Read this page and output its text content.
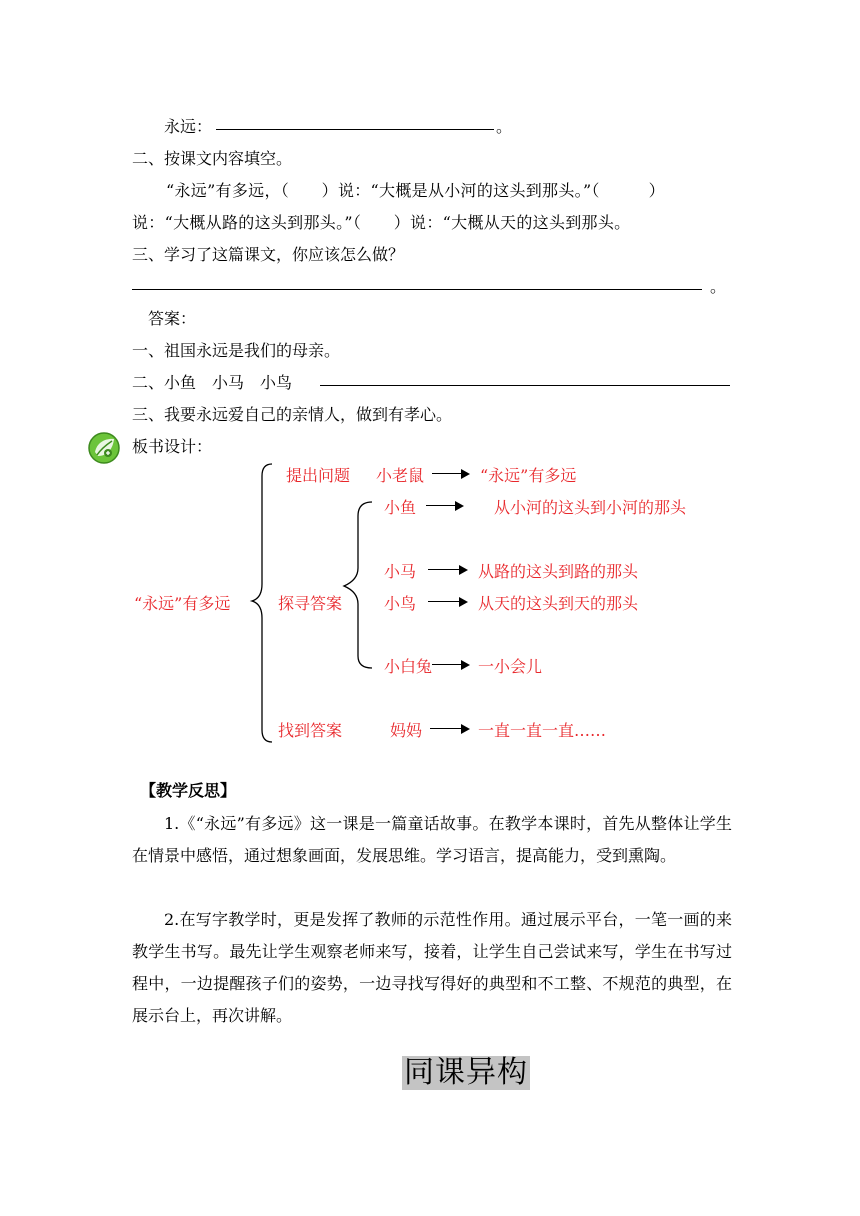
永远：	。
二、按课文内容填空。
“永远”有多远，（　　）说：“大概是从小河的这头到那头。”（　　　）
说：“大概从路的这头到那头。”（　　）说：“大概从天的这头到那头。
三、学习了这篇课文，你应该怎么做？
。
答案：
一、祖国永远是我们的母亲。
二、小鱼　小马　小鸟
三、我要永远爱自己的亲情人，做到有孝心。
板书设计：
“永远”有多远
提出问题 小老鼠	“永远”有多远
探寻答案
小鱼	从小河的这头到小河的那头
小马	从路的这头到路的那头
小鸟	从天的这头到天的那头
小白兔	一小会儿
找到答案	妈妈	一直一直一直……
【教学反思】
1.《“永远”有多远》这一课是一篇童话故事。在教学本课时，首先从整体让学生在情景中感悟，通过想象画面，发展思维。学习语言，提高能力，受到熏陶。
2.在写字教学时，更是发挥了教师的示范性作用。通过展示平台，一笔一画的来教学生书写。最先让学生观察老师来写，接着，让学生自己尝试来写，学生在书写过程中，一边提醒孩子们的姿势，一边寻找写得好的典型和不工整、不规范的典型，在展示台上，再次讲解。
同课异构
